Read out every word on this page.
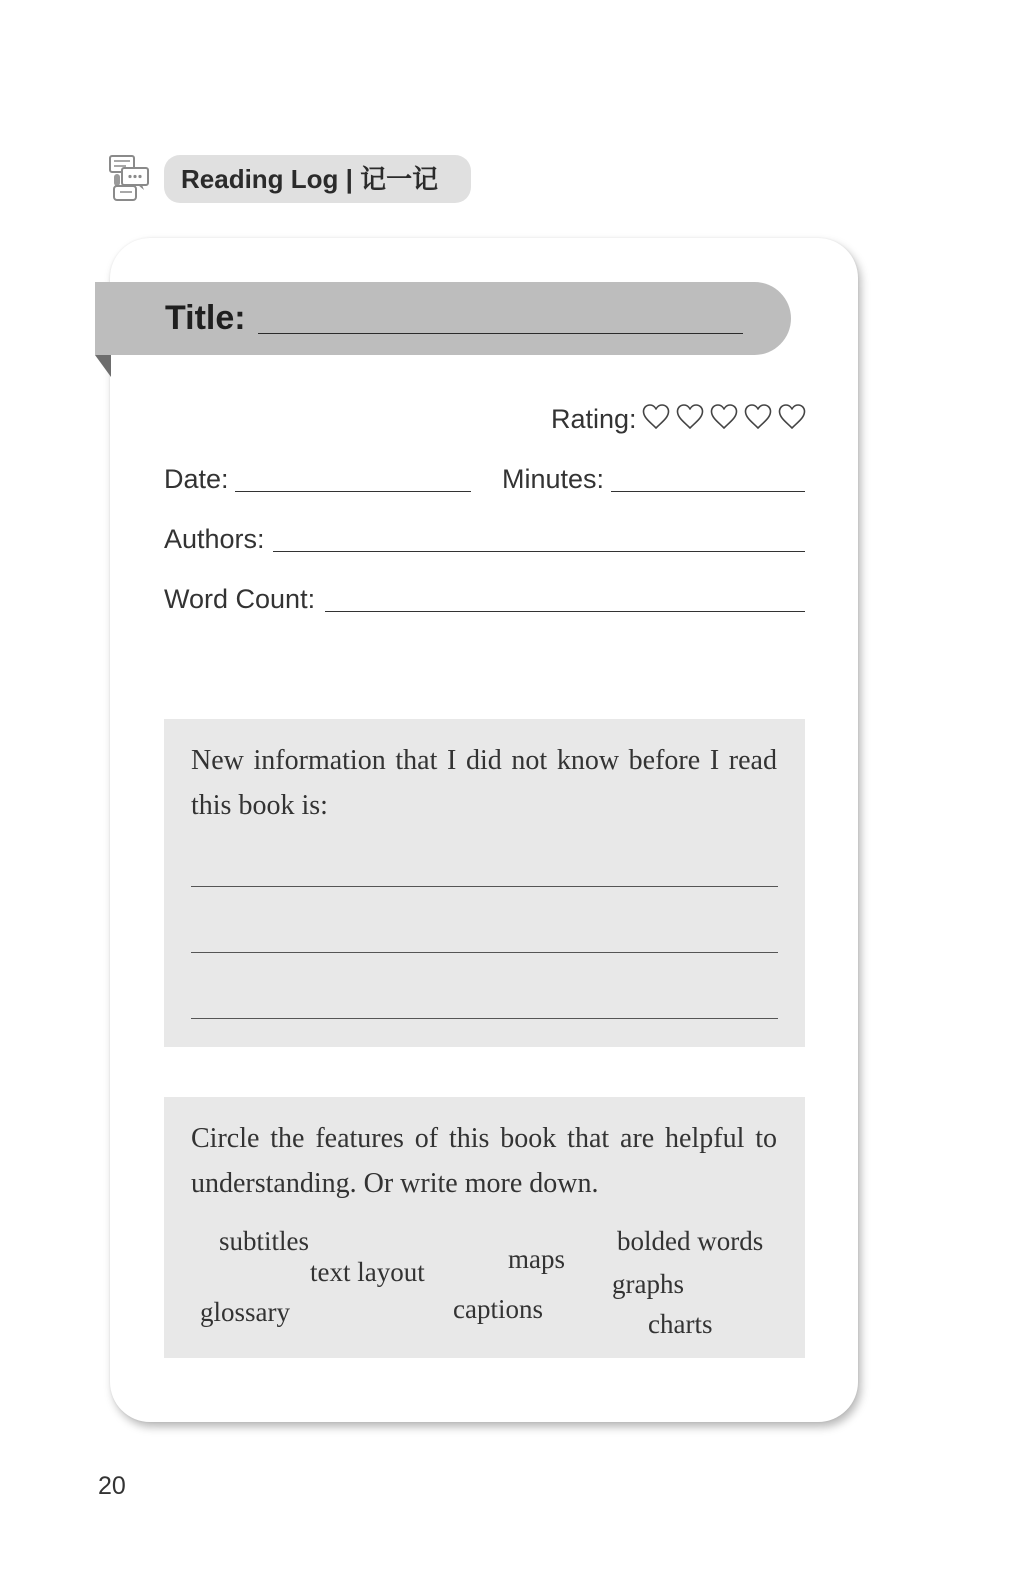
Reading Log | 记一记
Title:
Rating:
Date:	Minutes:
Authors:
Word Count:
New information that I did not know before I read this book is:
Circle the features of this book that are helpful to understanding. Or write more down.
subtitles
text layout	maps
bolded words
graphs
glossary	captions	charts
20
